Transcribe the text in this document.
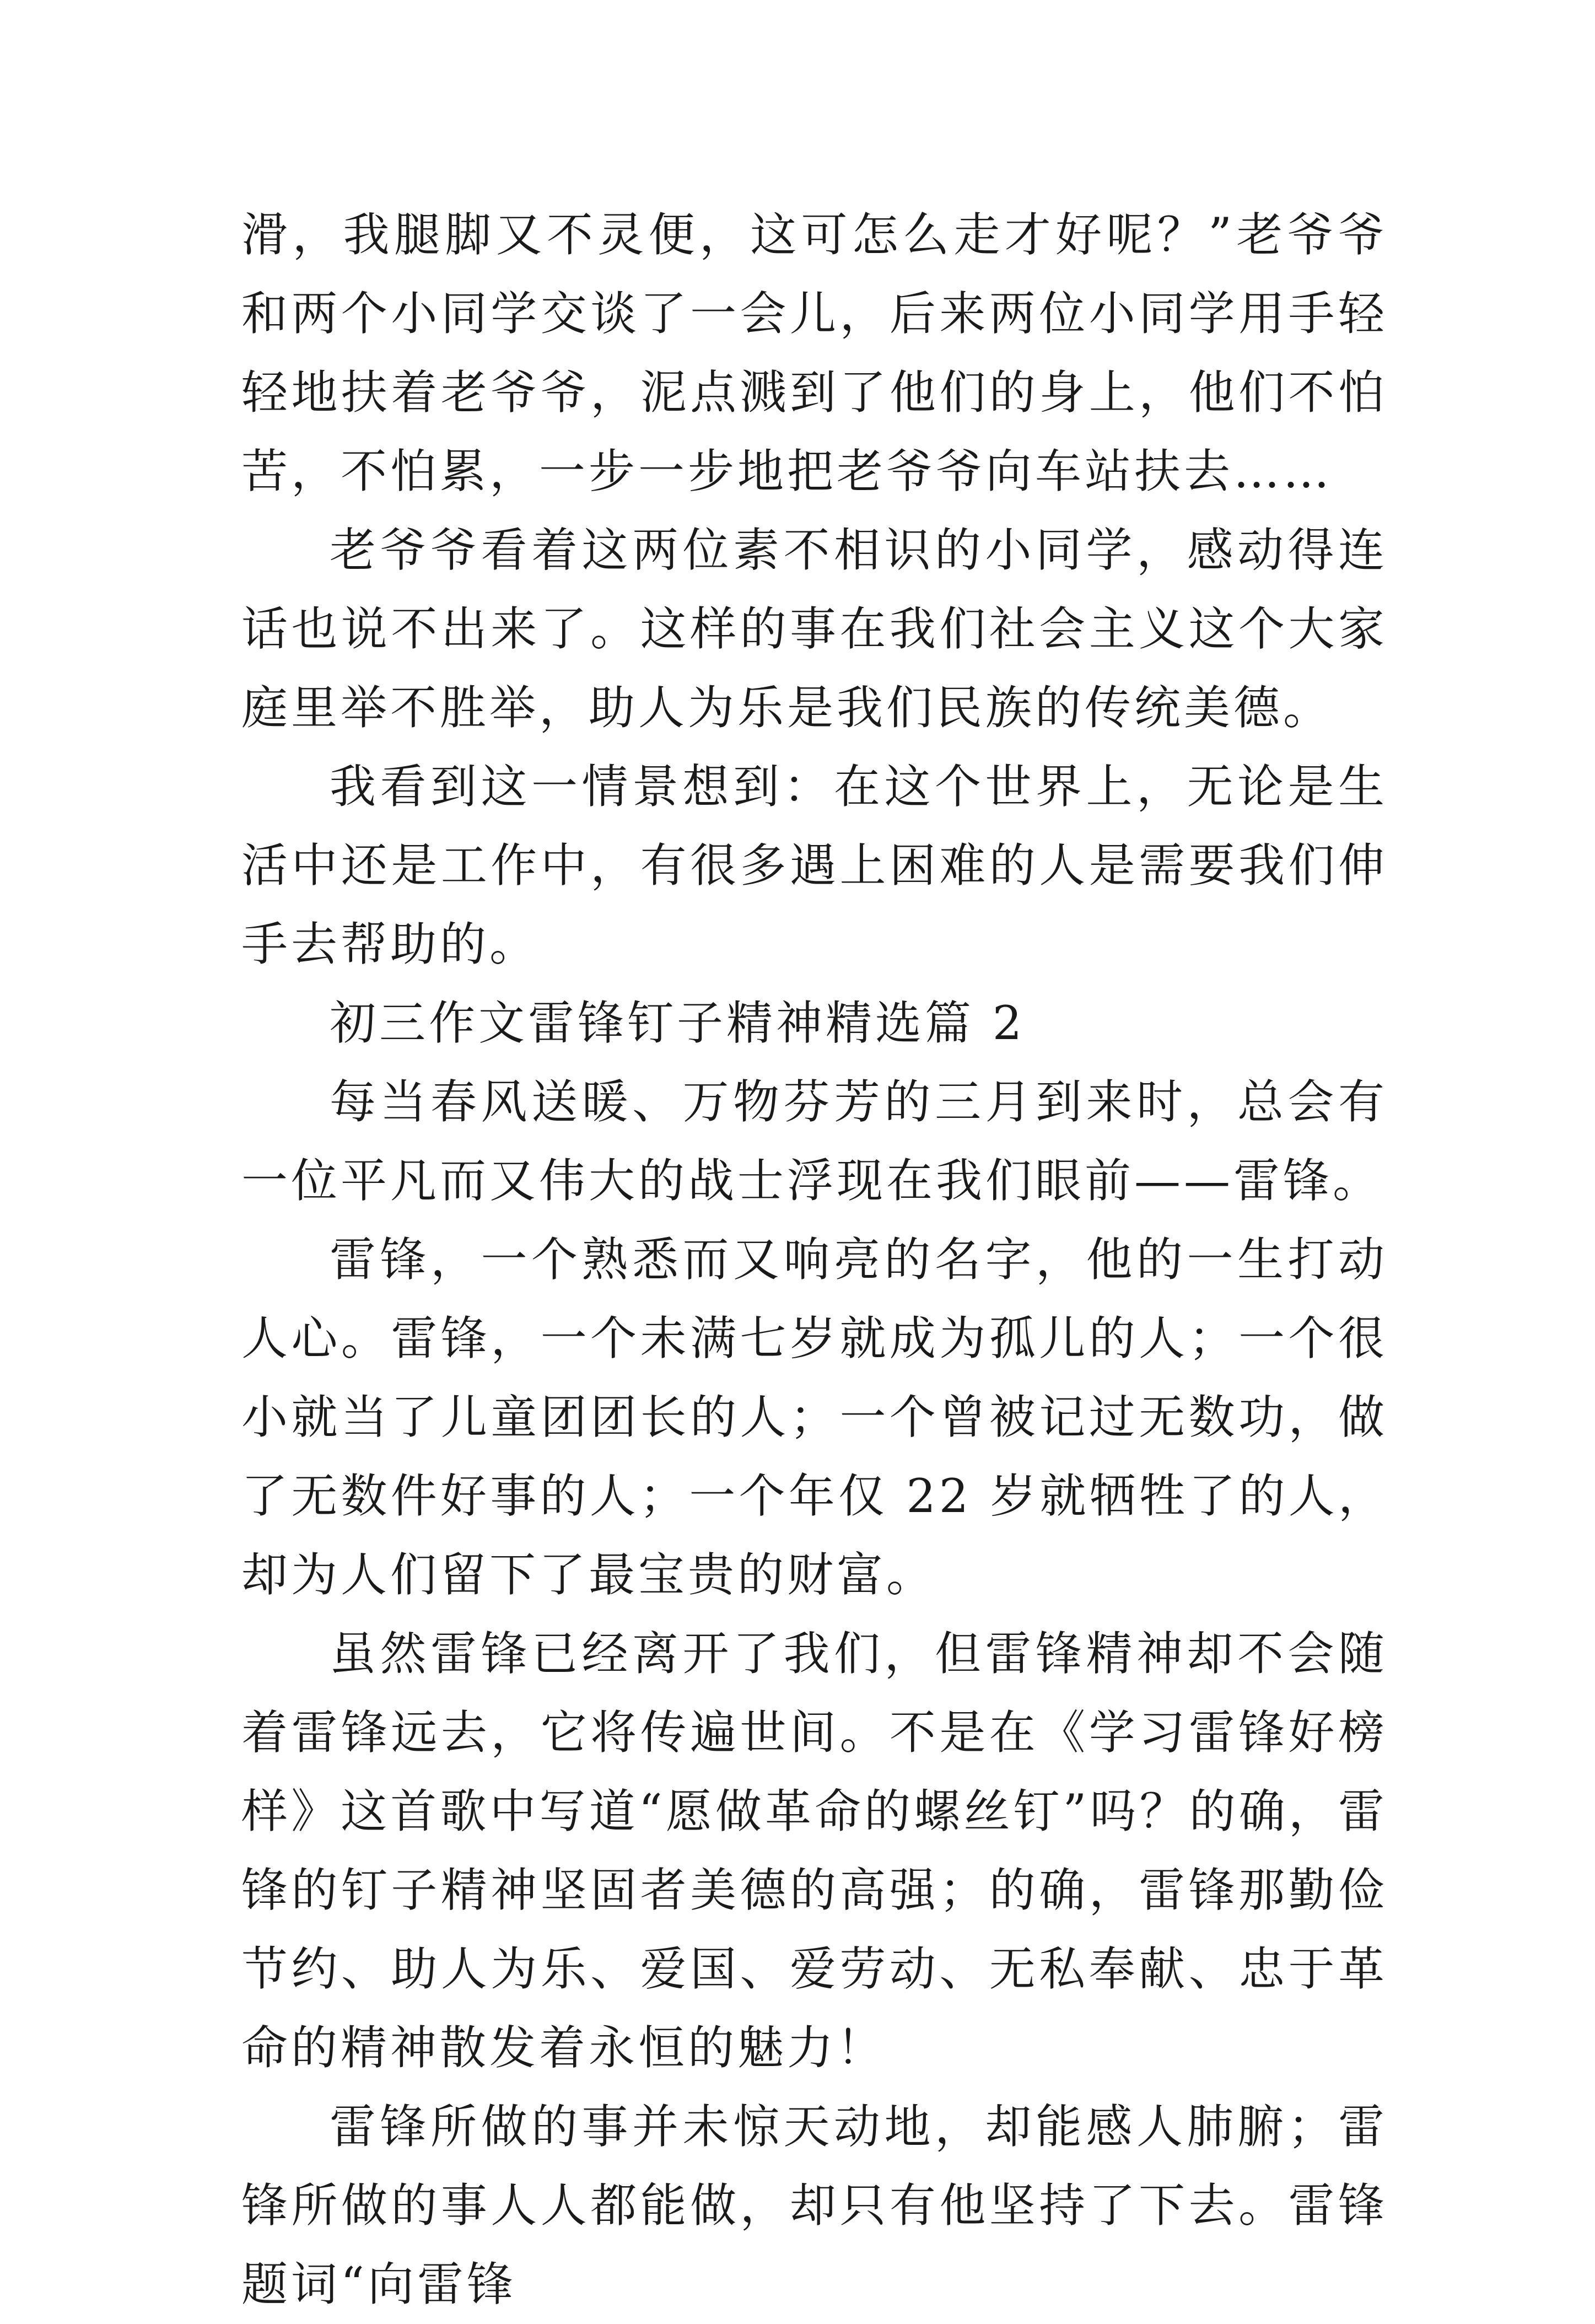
滑，我腿脚又不灵便，这可怎么走才好呢？”老爷爷和两个小同学交谈了一会儿，后来两位小同学用手轻轻地扶着老爷爷，泥点溅到了他们的身上，他们不怕苦，不怕累，一步一步地把老爷爷向车站扶去……

老爷爷看着这两位素不相识的小同学，感动得连话也说不出来了。这样的事在我们社会主义这个大家庭里举不胜举，助人为乐是我们民族的传统美德。

我看到这一情景想到：在这个世界上，无论是生活中还是工作中，有很多遇上困难的人是需要我们伸手去帮助的。

初三作文雷锋钉子精神精选篇 2

每当春风送暖、万物芬芳的三月到来时，总会有一位平凡而又伟大的战士浮现在我们眼前——雷锋。

雷锋，一个熟悉而又响亮的名字，他的一生打动人心。雷锋，一个未满七岁就成为孤儿的人；一个很小就当了儿童团团长的人；一个曾被记过无数功，做了无数件好事的人；一个年仅 22 岁就牺牲了的人，却为人们留下了最宝贵的财富。

虽然雷锋已经离开了我们，但雷锋精神却不会随着雷锋远去，它将传遍世间。不是在《学习雷锋好榜样》这首歌中写道“愿做革命的螺丝钉”吗？的确，雷锋的钉子精神坚固者美德的高强；的确，雷锋那勤俭节约、助人为乐、爱国、爱劳动、无私奉献、忠于革命的精神散发着永恒的魅力！

雷锋所做的事并未惊天动地，却能感人肺腑；雷锋所做的事人人都能做，却只有他坚持了下去。雷锋题词“向雷锋
